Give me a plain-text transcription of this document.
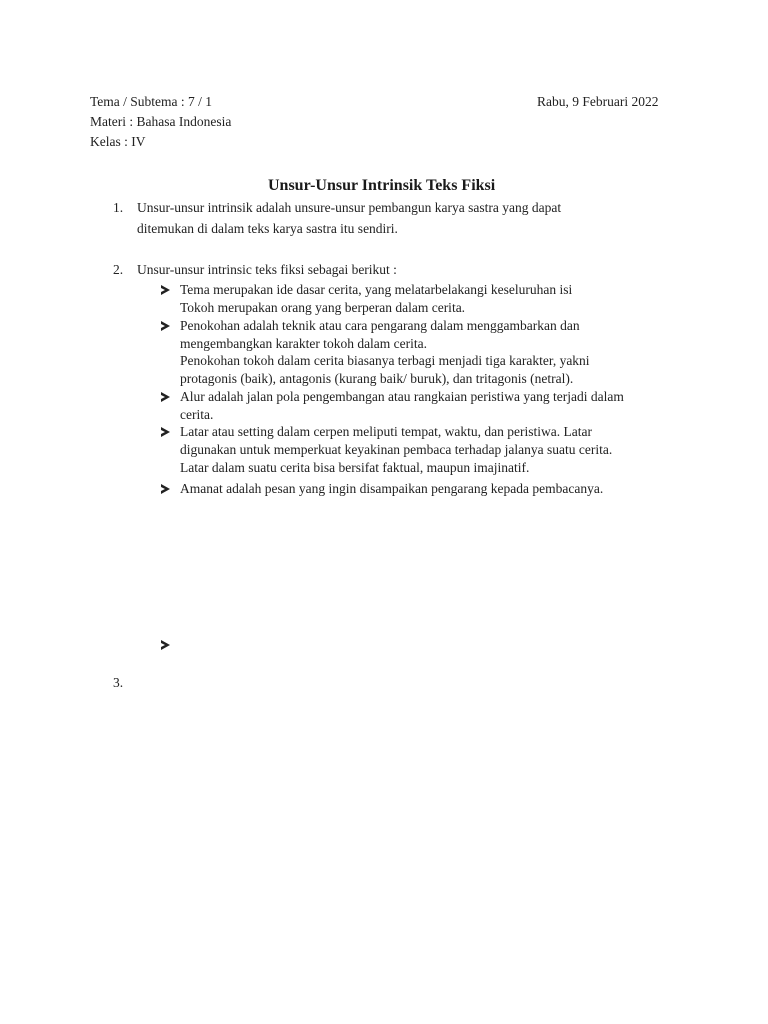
Tema / Subtema : 7 / 1	Rabu, 9 Februari 2022
Materi : Bahasa Indonesia
Kelas : IV
Unsur-Unsur Intrinsik Teks Fiksi
1. Unsur-unsur intrinsik adalah unsure-unsur pembangun karya sastra yang dapat
ditemukan di dalam teks karya sastra itu sendiri.
2. Unsur-unsur intrinsic teks fiksi sebagai berikut :
Tema merupakan ide dasar cerita, yang melatarbelakangi keseluruhan isi
Tokoh merupakan orang yang berperan dalam cerita.
Penokohan adalah teknik atau cara pengarang dalam menggambarkan dan
mengembangkan karakter tokoh dalam cerita.
Penokohan tokoh dalam cerita biasanya terbagi menjadi tiga karakter, yakni
protagonis (baik), antagonis (kurang baik/ buruk), dan tritagonis (netral).
Alur adalah jalan pola pengembangan atau rangkaian peristiwa yang terjadi dalam
cerita.
Latar atau setting dalam cerpen meliputi tempat, waktu, dan peristiwa. Latar
digunakan untuk memperkuat keyakinan pembaca terhadap jalanya suatu cerita.
Latar dalam suatu cerita bisa bersifat faktual, maupun imajinatif.
Amanat adalah pesan yang ingin disampaikan pengarang kepada pembacanya.
3.
